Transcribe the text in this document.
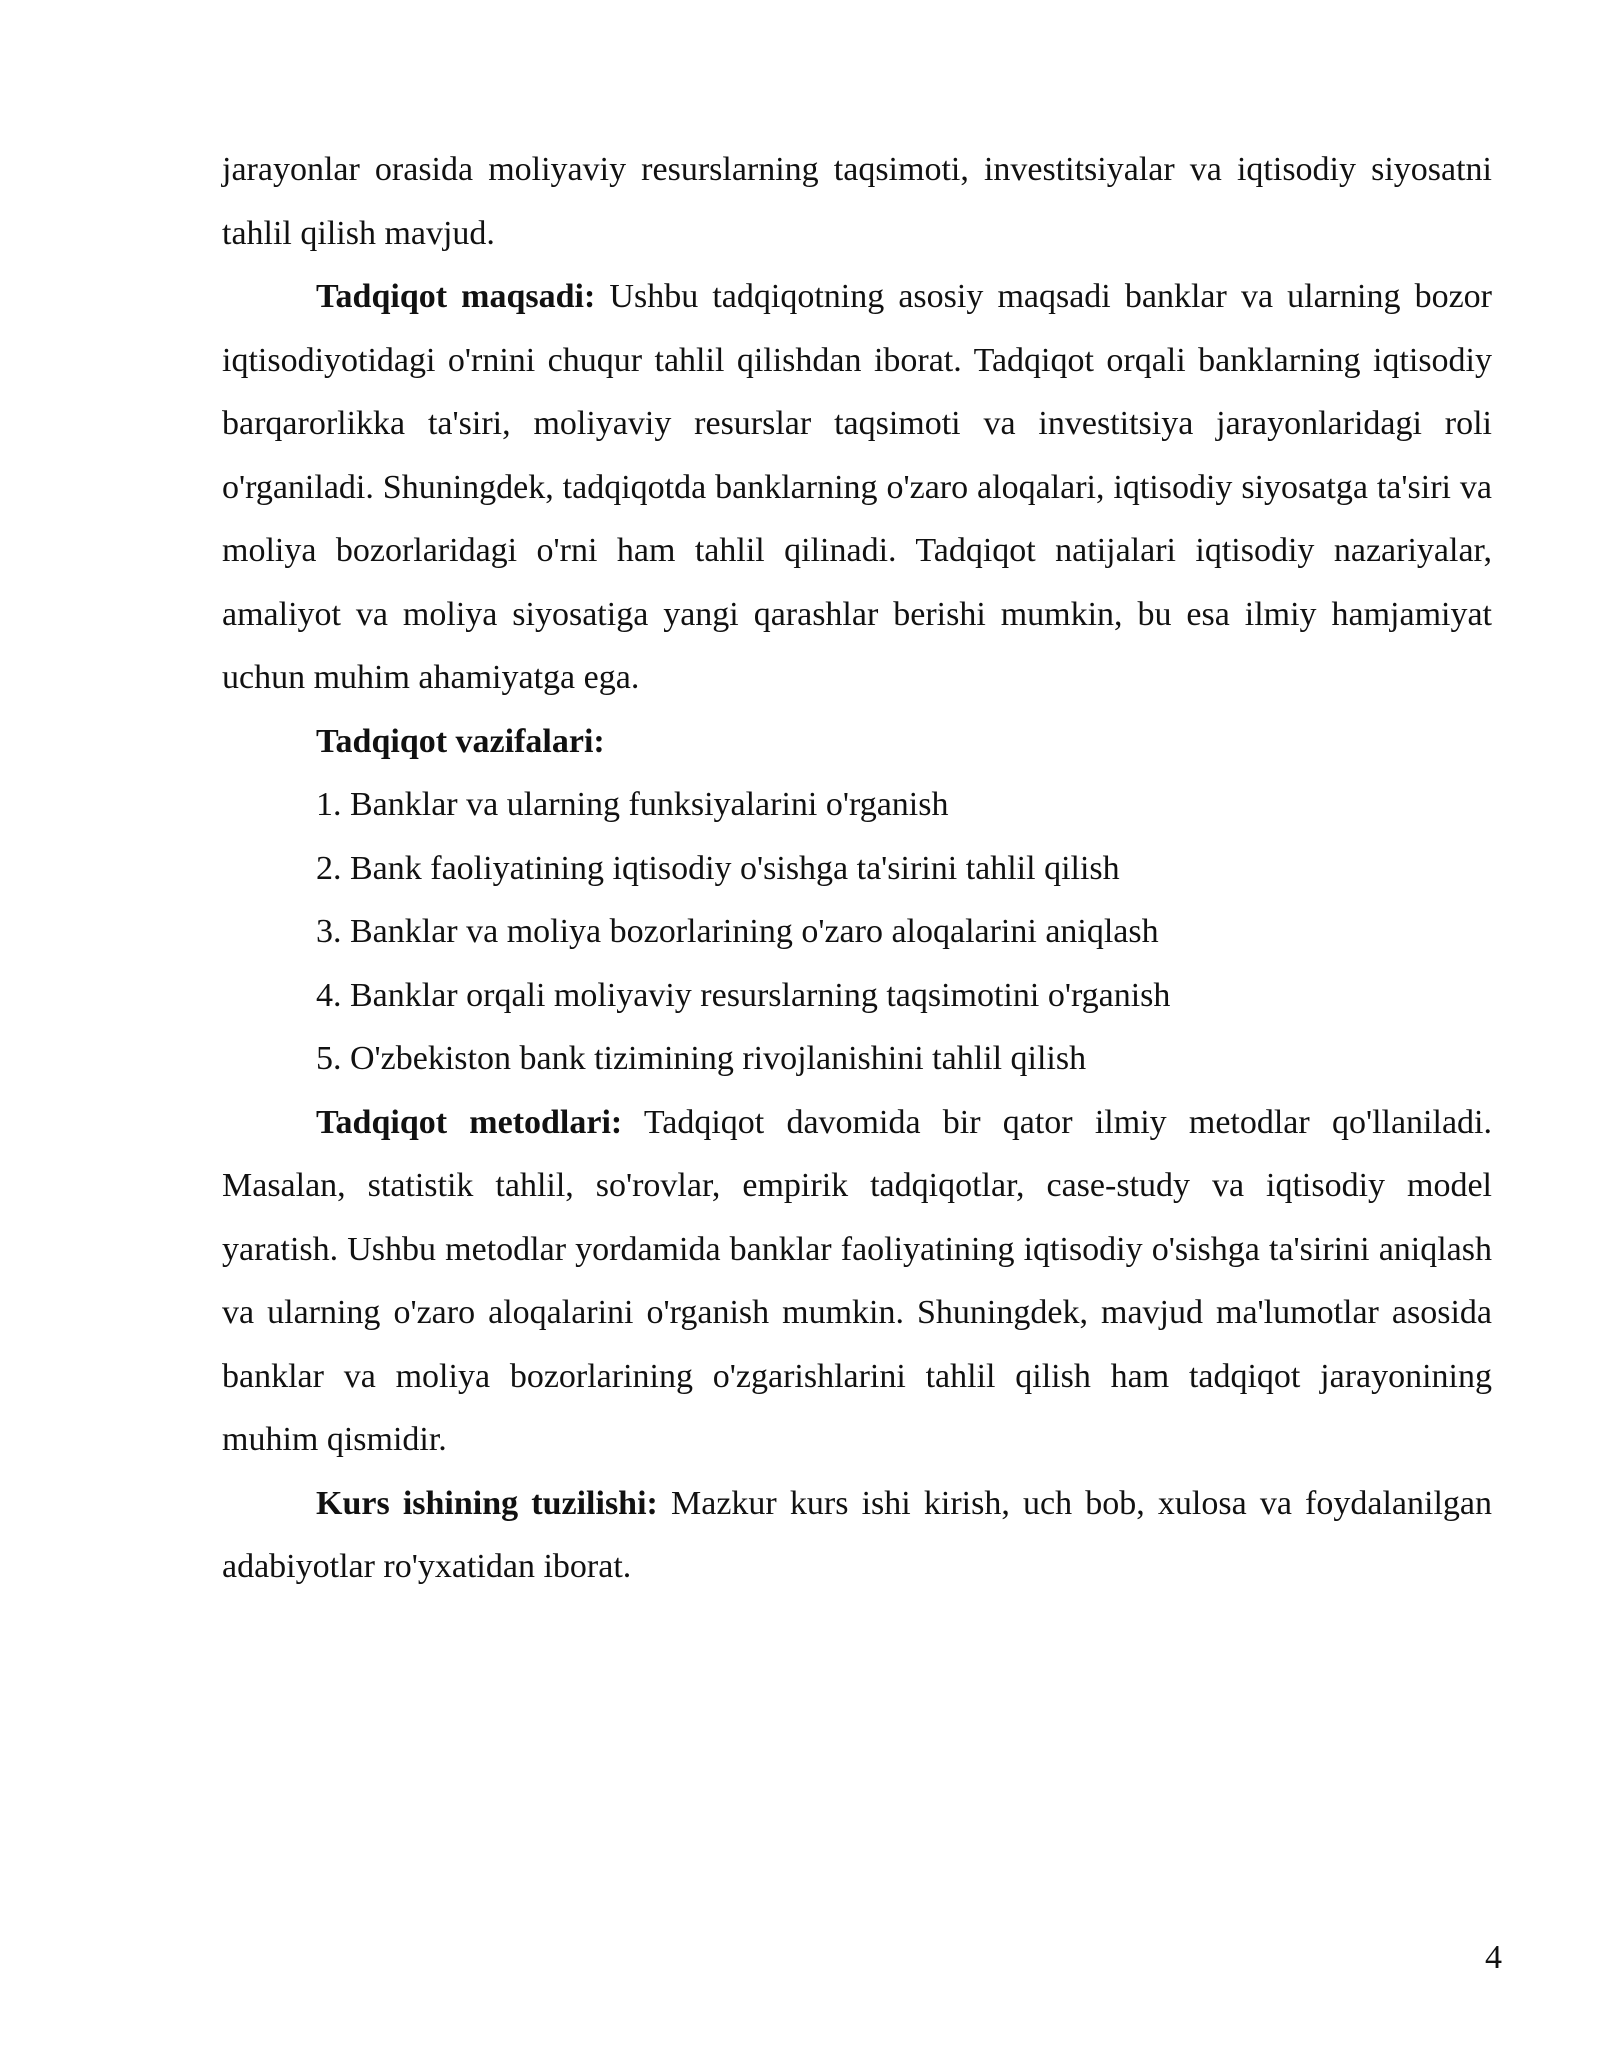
jarayonlar orasida moliyaviy resurslarning taqsimoti, investitsiyalar va iqtisodiy siyosatni tahlil qilish mavjud.

Tadqiqot maqsadi: Ushbu tadqiqotning asosiy maqsadi banklar va ularning bozor iqtisodiyotidagi o'rnini chuqur tahlil qilishdan iborat. Tadqiqot orqali banklarning iqtisodiy barqarorlikka ta'siri, moliyaviy resurslar taqsimoti va investitsiya jarayonlaridagi roli o'rganiladi. Shuningdek, tadqiqotda banklarning o'zaro aloqalari, iqtisodiy siyosatga ta'siri va moliya bozorlaridagi o'rni ham tahlil qilinadi. Tadqiqot natijalari iqtisodiy nazariyalar, amaliyot va moliya siyosatiga yangi qarashlar berishi mumkin, bu esa ilmiy hamjamiyat uchun muhim ahamiyatga ega.

Tadqiqot vazifalari:

1. Banklar va ularning funksiyalarini o'rganish

2. Bank faoliyatining iqtisodiy o'sishga ta'sirini tahlil qilish

3. Banklar va moliya bozorlarining o'zaro aloqalarini aniqlash

4. Banklar orqali moliyaviy resurslarning taqsimotini o'rganish

5. O'zbekiston bank tizimining rivojlanishini tahlil qilish

Tadqiqot metodlari: Tadqiqot davomida bir qator ilmiy metodlar qo'llaniladi. Masalan, statistik tahlil, so'rovlar, empirik tadqiqotlar, case-study va iqtisodiy model yaratish. Ushbu metodlar yordamida banklar faoliyatining iqtisodiy o'sishga ta'sirini aniqlash va ularning o'zaro aloqalarini o'rganish mumkin. Shuningdek, mavjud ma'lumotlar asosida banklar va moliya bozorlarining o'zgarishlarini tahlil qilish ham tadqiqot jarayonining muhim qismidir.

Kurs ishining tuzilishi: Mazkur kurs ishi kirish, uch bob, xulosa va foydalanilgan adabiyotlar ro'yxatidan iborat.

4
